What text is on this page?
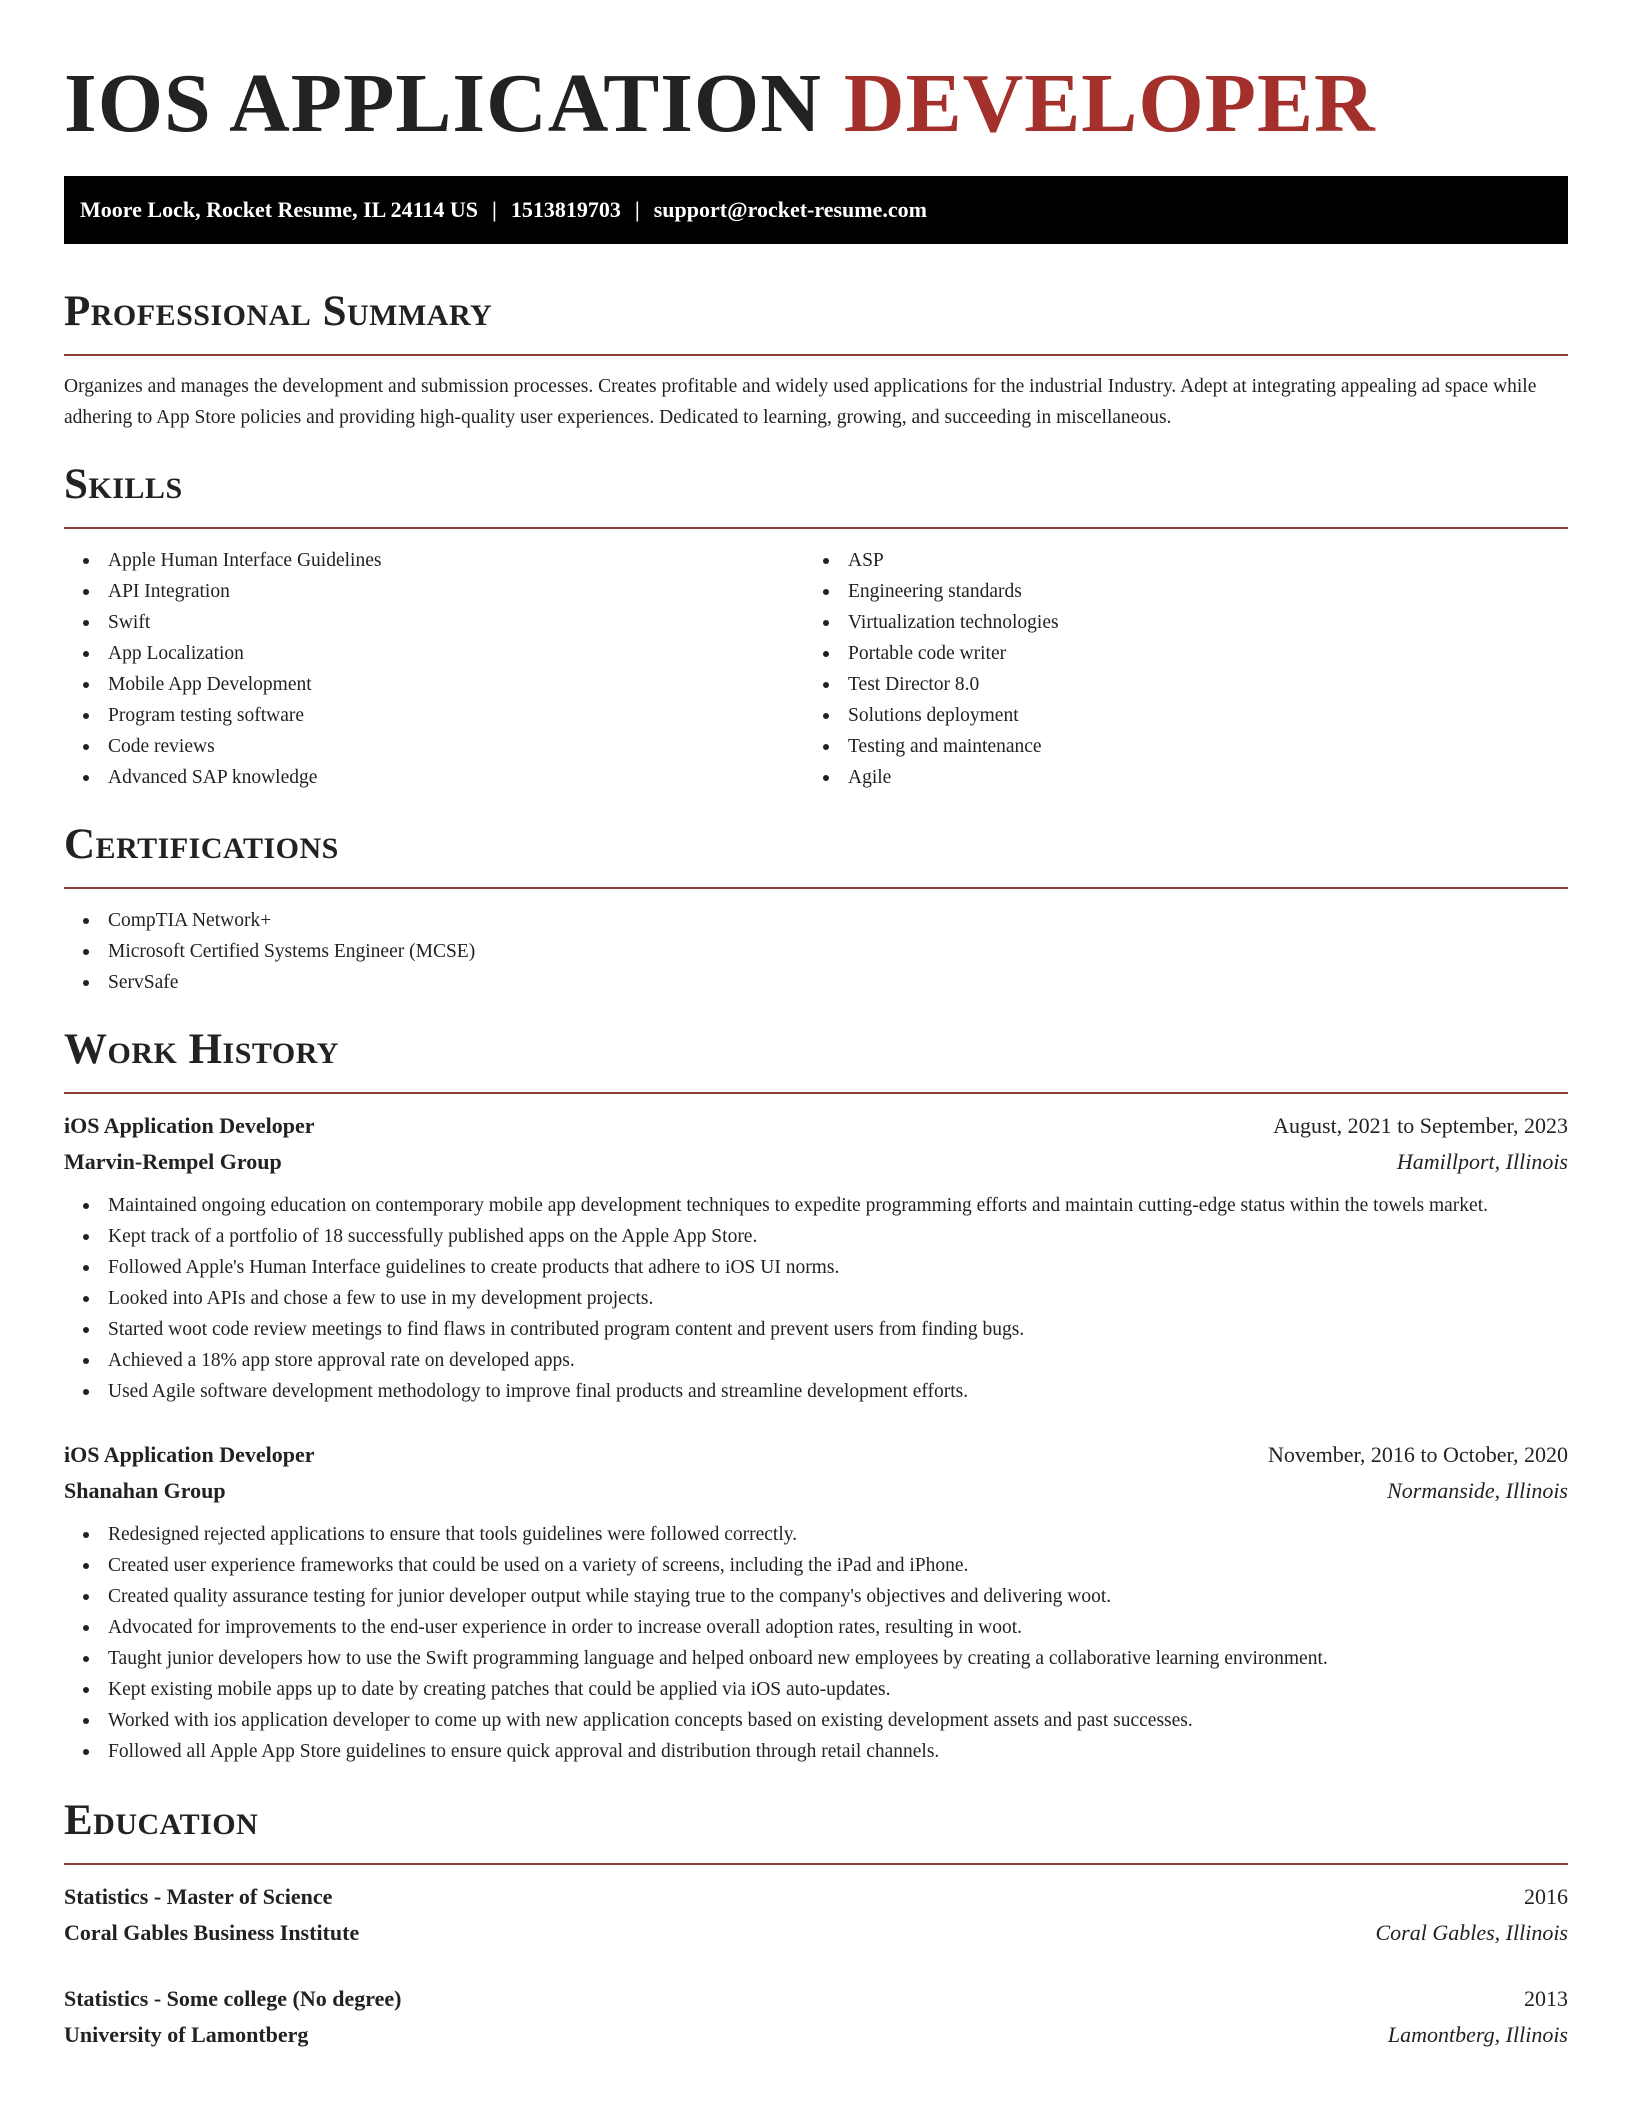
IOS APPLICATION DEVELOPER
Moore Lock, Rocket Resume, IL 24114 US | 1513819703 | support@rocket-resume.com
Professional Summary

Organizes and manages the development and submission processes. Creates profitable and widely used applications for the industrial Industry. Adept at integrating appealing ad space while adhering to App Store policies and providing high-quality user experiences. Dedicated to learning, growing, and succeeding in miscellaneous.

Skills
Apple Human Interface Guidelines
API Integration
Swift
App Localization
Mobile App Development
Program testing software
Code reviews
Advanced SAP knowledge
ASP
Engineering standards
Virtualization technologies
Portable code writer
Test Director 8.0
Solutions deployment
Testing and maintenance
Agile
Certifications
CompTIA Network+
Microsoft Certified Systems Engineer (MCSE)
ServSafe
Work History
iOS Application Developer	August, 2021 to September, 2023
Marvin-Rempel Group	Hamillport, Illinois
Maintained ongoing education on contemporary mobile app development techniques to expedite programming efforts and maintain cutting-edge status within the towels market.
Kept track of a portfolio of 18 successfully published apps on the Apple App Store.
Followed Apple's Human Interface guidelines to create products that adhere to iOS UI norms.
Looked into APIs and chose a few to use in my development projects.
Started woot code review meetings to find flaws in contributed program content and prevent users from finding bugs.
Achieved a 18% app store approval rate on developed apps.
Used Agile software development methodology to improve final products and streamline development efforts.
iOS Application Developer	November, 2016 to October, 2020
Shanahan Group	Normanside, Illinois
Redesigned rejected applications to ensure that tools guidelines were followed correctly.
Created user experience frameworks that could be used on a variety of screens, including the iPad and iPhone.
Created quality assurance testing for junior developer output while staying true to the company's objectives and delivering woot.
Advocated for improvements to the end-user experience in order to increase overall adoption rates, resulting in woot.
Taught junior developers how to use the Swift programming language and helped onboard new employees by creating a collaborative learning environment.
Kept existing mobile apps up to date by creating patches that could be applied via iOS auto-updates.
Worked with ios application developer to come up with new application concepts based on existing development assets and past successes.
Followed all Apple App Store guidelines to ensure quick approval and distribution through retail channels.
Education
Statistics - Master of Science	2016
Coral Gables Business Institute	Coral Gables, Illinois
Statistics - Some college (No degree)	2013
University of Lamontberg	Lamontberg, Illinois
